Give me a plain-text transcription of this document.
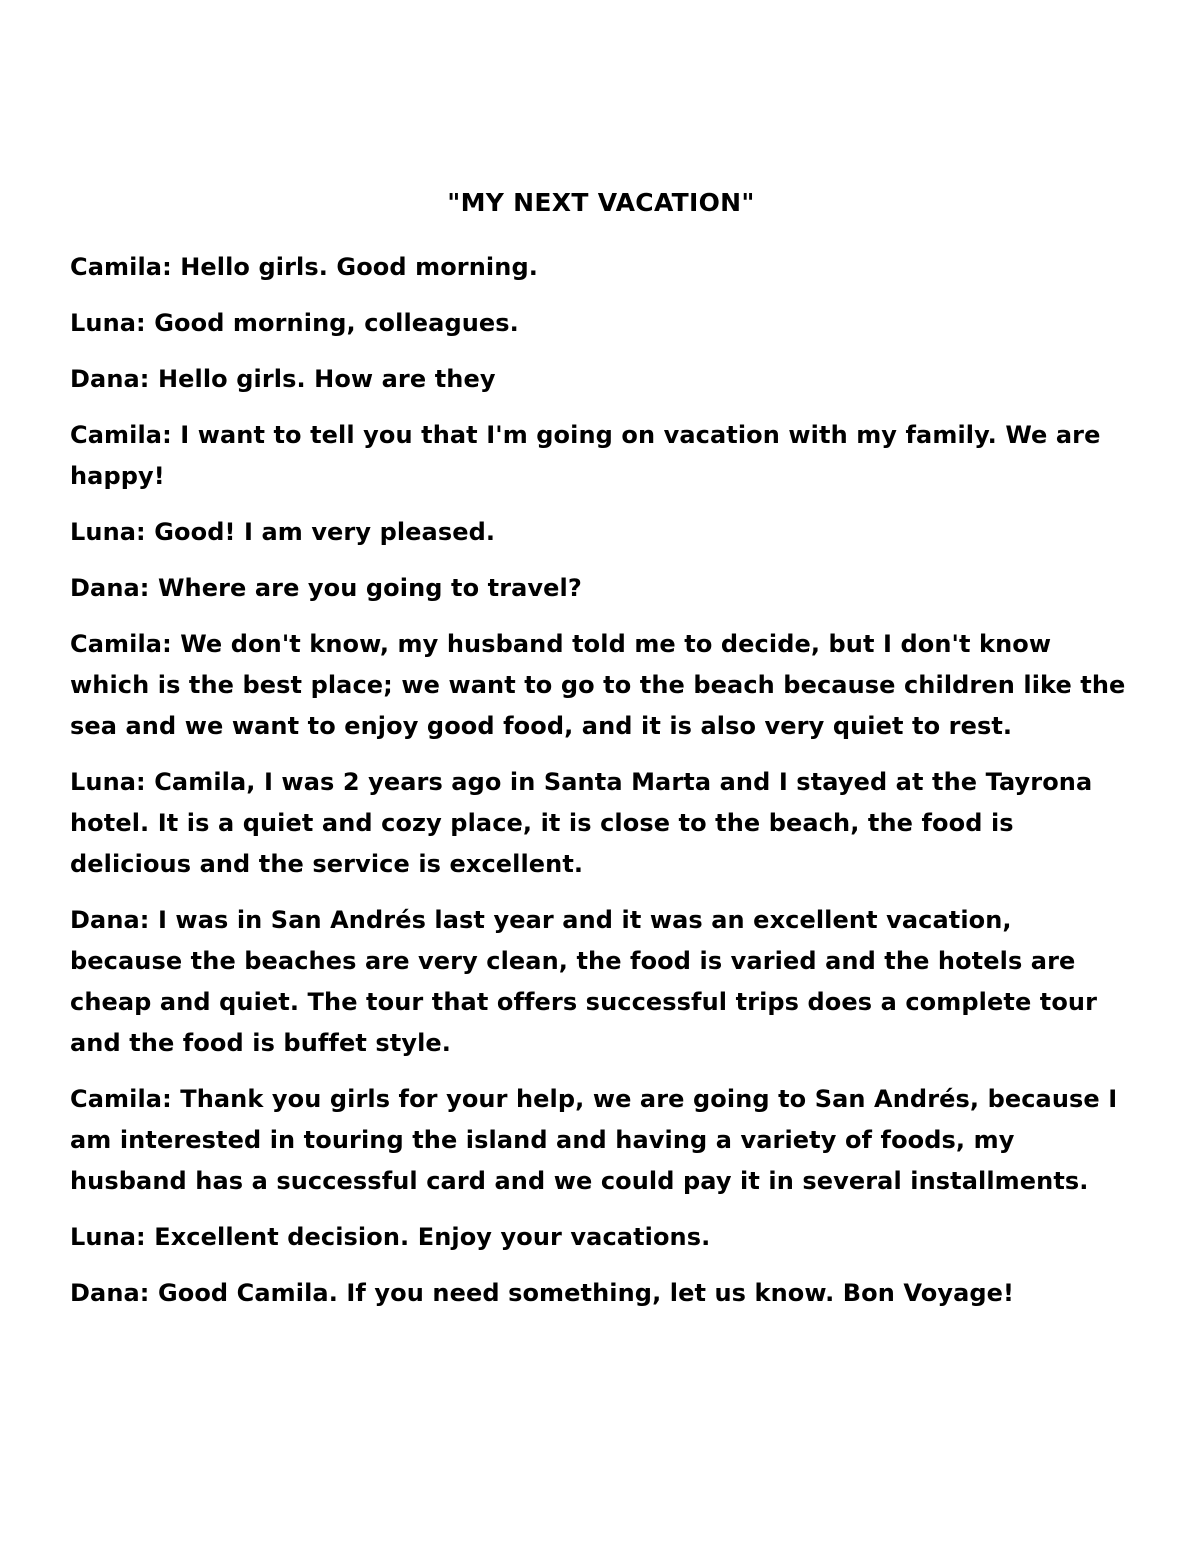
"MY NEXT VACATION"

Camila: Hello girls. Good morning.

Luna: Good morning, colleagues.

Dana: Hello girls. How are they

Camila: I want to tell you that I'm going on vacation with my family. We are happy!

Luna: Good! I am very pleased.

Dana: Where are you going to travel?

Camila: We don't know, my husband told me to decide, but I don't know which is the best place; we want to go to the beach because children like the sea and we want to enjoy good food, and it is also very quiet to rest.

Luna: Camila, I was 2 years ago in Santa Marta and I stayed at the Tayrona hotel. It is a quiet and cozy place, it is close to the beach, the food is delicious and the service is excellent.

Dana: I was in San Andrés last year and it was an excellent vacation, because the beaches are very clean, the food is varied and the hotels are cheap and quiet. The tour that offers successful trips does a complete tour and the food is buffet style.

Camila: Thank you girls for your help, we are going to San Andrés, because I am interested in touring the island and having a variety of foods, my husband has a successful card and we could pay it in several installments.

Luna: Excellent decision. Enjoy your vacations.

Dana: Good Camila. If you need something, let us know. Bon Voyage!
